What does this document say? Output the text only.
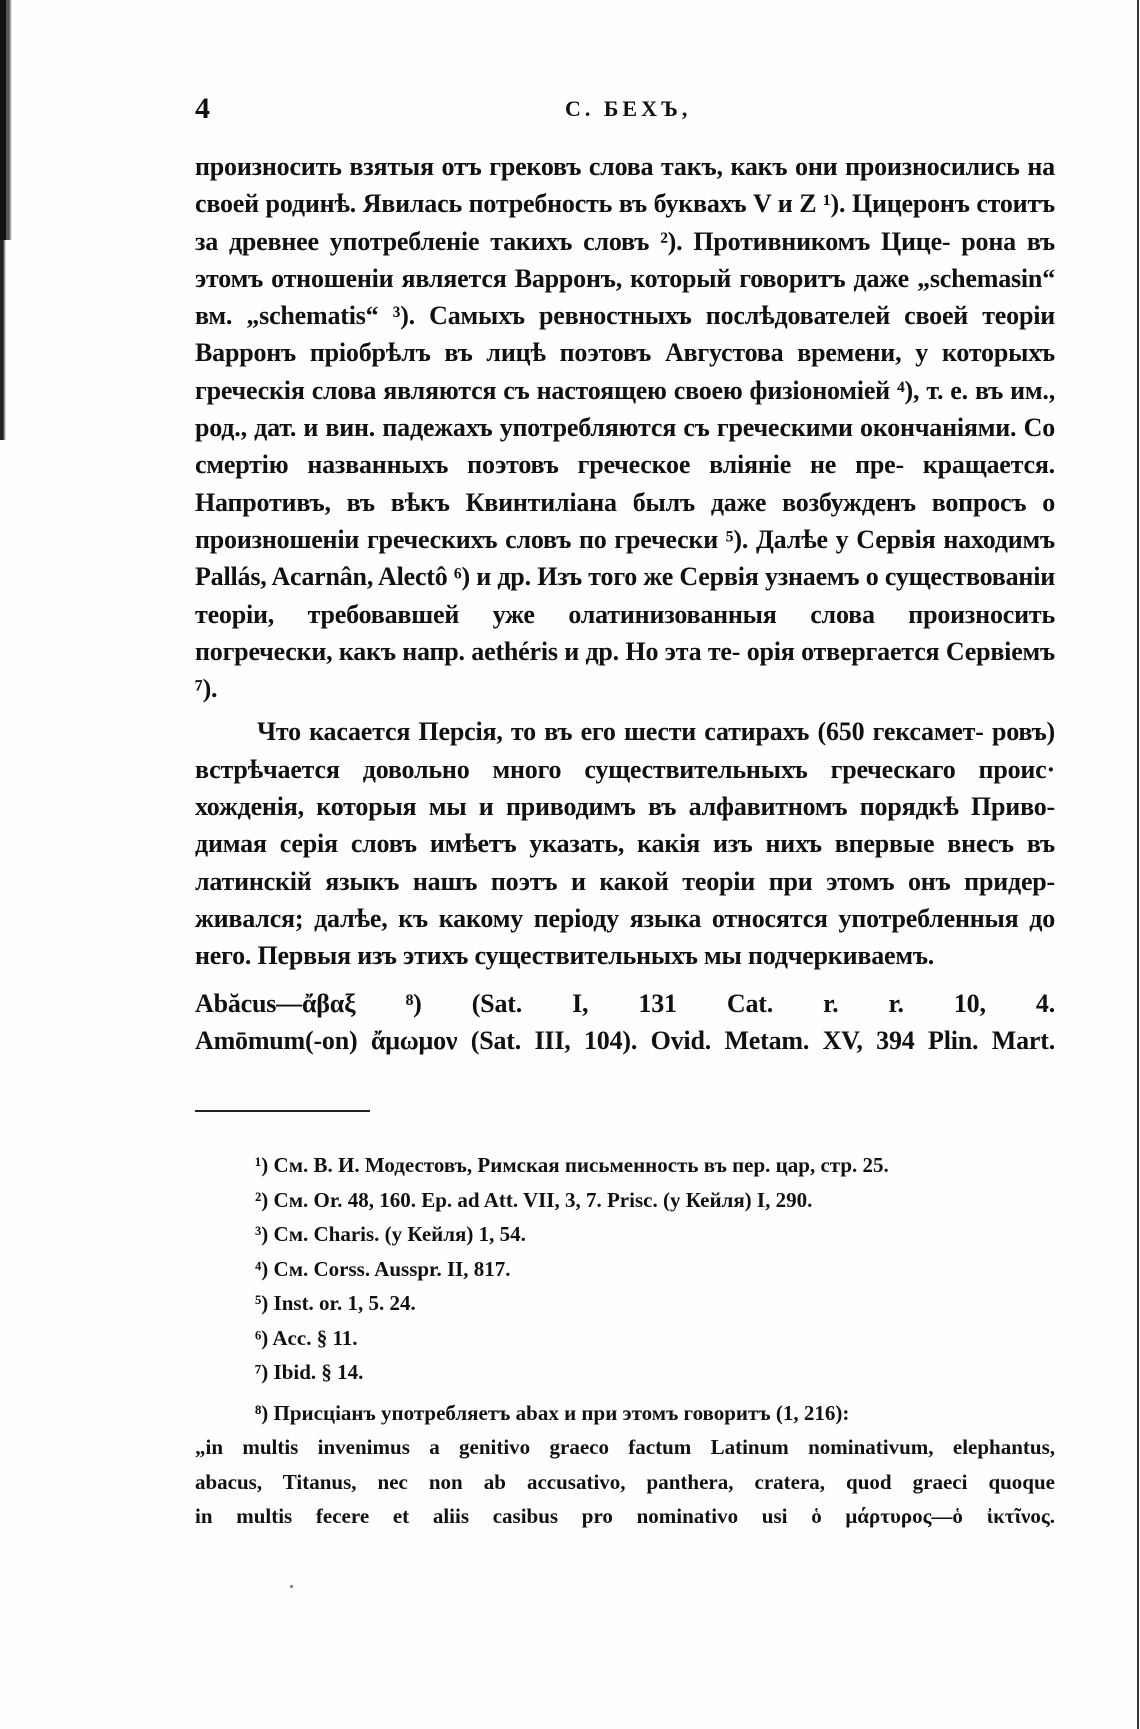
4	С. БЕХЪ,

произносить взятыя отъ грековъ слова такъ, какъ они произносились на своей родинѣ. Явилась потребность въ буквахъ V и Z ¹). Цицеронъ стоитъ за древнее употребленіе такихъ словъ ²). Противникомъ Цице- рона въ этомъ отношеніи является Варронъ, который говоритъ даже „schemasin“ вм. „schematis“ ³). Самыхъ ревностныхъ послѣдователей своей теоріи Варронъ пріобрѣлъ въ лицѣ поэтовъ Августова времени, у которыхъ греческія слова являются съ настоящею своею физіономіей ⁴), т. е. въ им., род., дат. и вин. падежахъ употребляются съ греческими окончаніями. Со смертію названныхъ поэтовъ греческое вліяніе не пре- кращается. Напротивъ, въ вѣкъ Квинтиліана былъ даже возбужденъ вопросъ о произношеніи греческихъ словъ по гречески ⁵). Далѣе у Сервія находимъ Pallás, Acarnân, Alectô ⁶) и др. Изъ того же Сервія узнаемъ о существованіи теоріи, требовавшей уже олатинизованныя слова произносить погречески, какъ напр. aethéris и др. Но эта те- орія отвергается Сервіемъ ⁷).

Что касается Персія, то въ его шести сатирахъ (650 гексамет- ровъ) встрѣчается довольно много существительныхъ греческаго проис· хожденія, которыя мы и приводимъ въ алфавитномъ порядкѣ Приво- димая серія словъ имѣетъ указать, какія изъ нихъ впервые внесъ въ латинскій языкъ нашъ поэтъ и какой теоріи при этомъ онъ придер- живался; далѣе, къ какому періоду языка относятся употребленныя до него. Первыя изъ этихъ существительныхъ мы подчеркиваемъ.

Abăcus—ἄβαξ ⁸) (Sat. I, 131 Cat. r. r. 10, 4.
Amōmum(-on) ἄμωμον (Sat. III, 104). Ovid. Metam. XV, 394 Plin. Mart.
¹) См. В. И. Модестовъ, Римская письменность въ пер. цар, стр. 25.
²) См. Or. 48, 160. Ep. ad Att. VII, 3, 7. Prisc. (у Кейля) I, 290.
³) См. Charis. (у Кейля) 1, 54.
⁴) См. Corss. Ausspr. II, 817.
⁵) Inst. or. 1, 5. 24.
⁶) Acc. § 11.
⁷) Ibid. § 14.
⁸) Присціанъ употребляетъ abax и при этомъ говоритъ (1, 216):
„in multis invenimus a genitivo graeco factum Latinum nominativum, elephantus,
abacus, Titanus, nec non ab accusativo, panthera, cratera, quod graeci quoque
in multis fecere et aliis casibus pro nominativo usi ὁ μάρτυρος—ὁ ἰκτῖνος.
